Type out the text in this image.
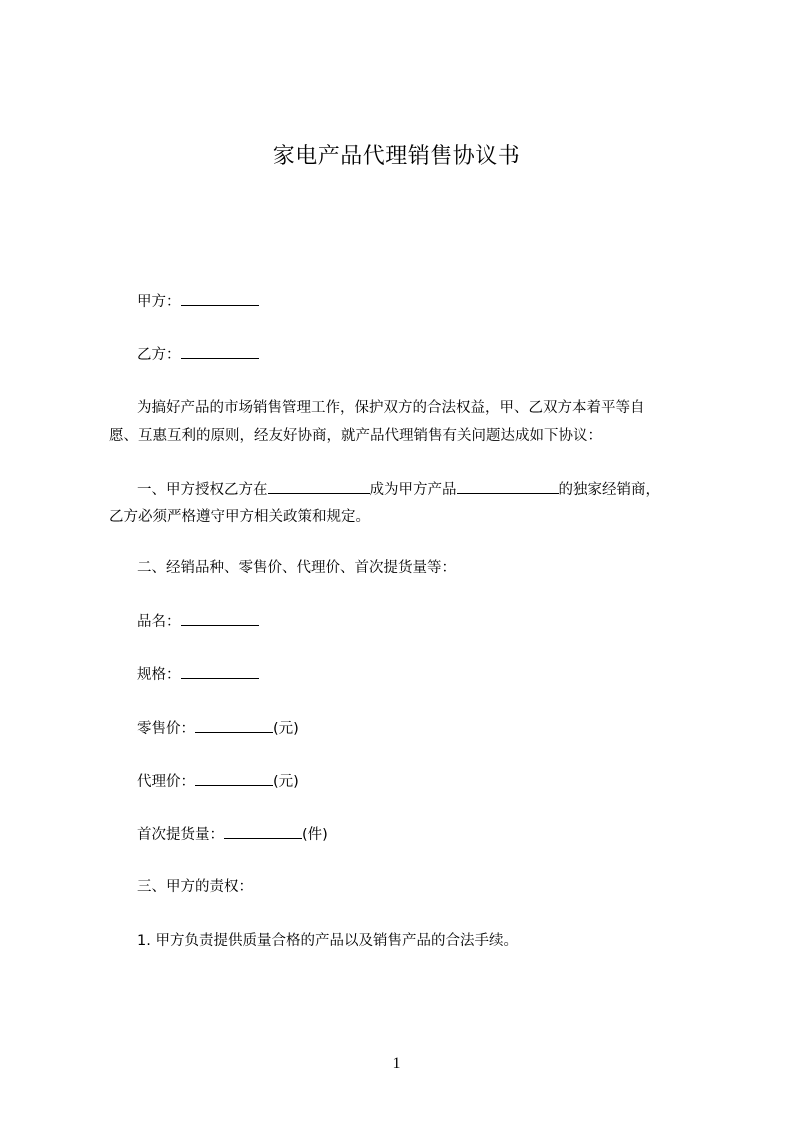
家电产品代理销售协议书
甲方：
乙方：
为搞好产品的市场销售管理工作，保护双方的合法权益，甲、乙双方本着平等自
愿、互惠互利的原则，经友好协商，就产品代理销售有关问题达成如下协议：
一、甲方授权乙方在	成为甲方产品	的独家经销商，
乙方必须严格遵守甲方相关政策和规定。
二、经销品种、零售价、代理价、首次提货量等：
品名：
规格：
零售价：	(元)
代理价：	(元)
首次提货量：	(件)
三、甲方的责权：
1. 甲方负责提供质量合格的产品以及销售产品的合法手续。
1
